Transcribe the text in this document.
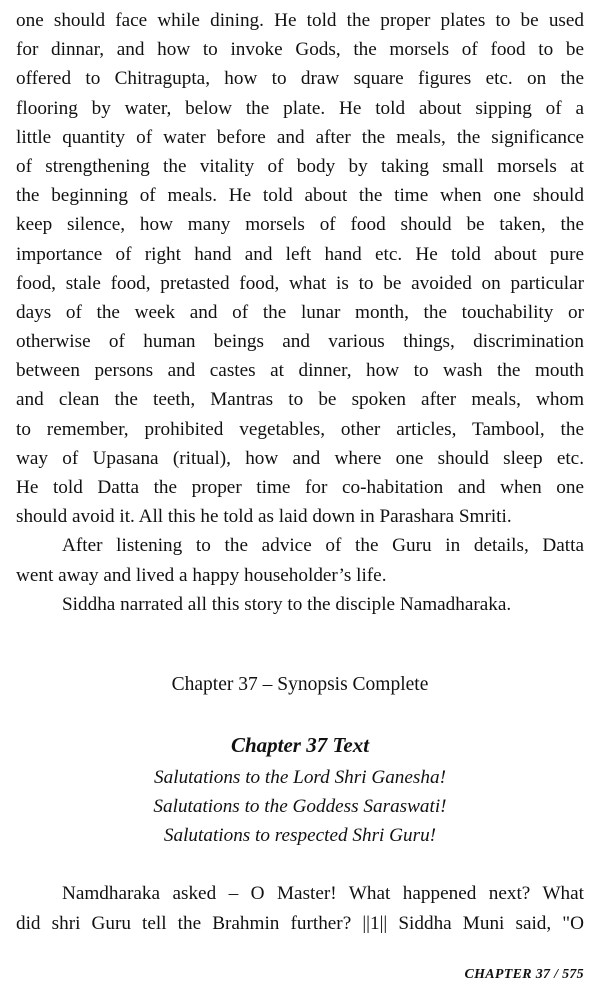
one should face while dining. He told the proper plates to be used
for dinnar, and how to invoke Gods, the morsels of food to be
offered to Chitragupta, how to draw square figures etc. on the
flooring by water, below the plate. He told about sipping of a
little quantity of water before and after the meals, the significance
of strengthening the vitality of body by taking small morsels at
the beginning of meals. He told about the time when one should
keep silence, how many morsels of food should be taken, the
importance of right hand and left hand etc. He told about pure
food, stale food, pretasted food, what is to be avoided on particular
days of the week and of the lunar month, the touchability or
otherwise of human beings and various things, discrimination
between persons and castes at dinner, how to wash the mouth
and clean the teeth, Mantras to be spoken after meals, whom
to remember, prohibited vegetables, other articles, Tambool, the
way of Upasana (ritual), how and where one should sleep etc.
He told Datta the proper time for co-habitation and when one
should avoid it. All this he told as laid down in Parashara Smriti.
After listening to the advice of the Guru in details, Datta
went away and lived a happy householder’s life.
Siddha narrated all this story to the disciple Namadharaka.
Chapter 37 – Synopsis Complete
Chapter 37 Text
Salutations to the Lord Shri Ganesha!
Salutations to the Goddess Saraswati!
Salutations to respected Shri Guru!
Namdharaka asked – O Master! What happened next? What
did shri Guru tell the Brahmin further? ||1|| Siddha Muni said, "O
CHAPTER 37 / 575
